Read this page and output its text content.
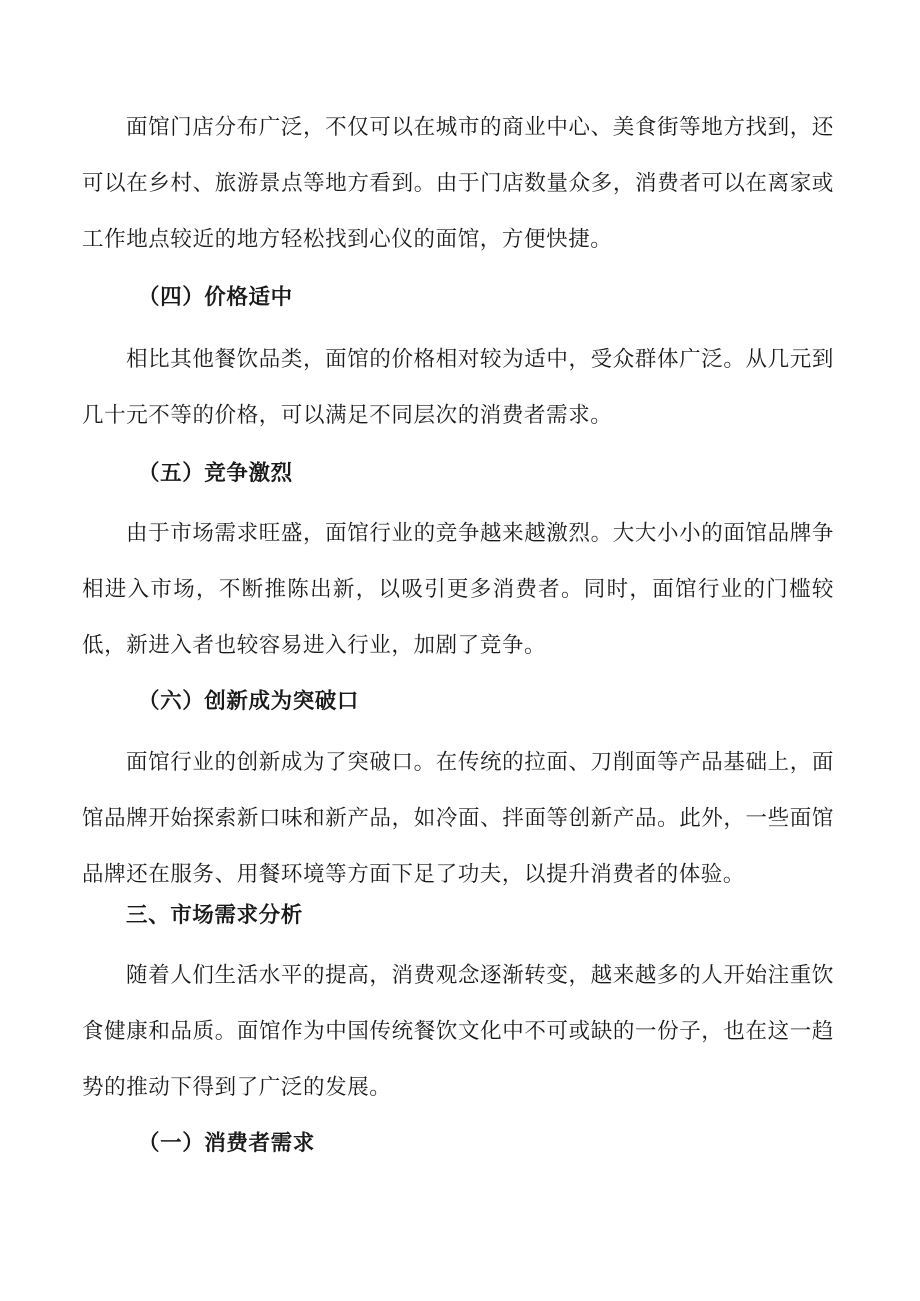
面馆门店分布广泛，不仅可以在城市的商业中心、美食街等地方找到，还可以在乡村、旅游景点等地方看到。由于门店数量众多，消费者可以在离家或工作地点较近的地方轻松找到心仪的面馆，方便快捷。

（四）价格适中

相比其他餐饮品类，面馆的价格相对较为适中，受众群体广泛。从几元到几十元不等的价格，可以满足不同层次的消费者需求。

（五）竞争激烈

由于市场需求旺盛，面馆行业的竞争越来越激烈。大大小小的面馆品牌争相进入市场，不断推陈出新，以吸引更多消费者。同时，面馆行业的门槛较低，新进入者也较容易进入行业，加剧了竞争。

（六）创新成为突破口

面馆行业的创新成为了突破口。在传统的拉面、刀削面等产品基础上，面馆品牌开始探索新口味和新产品，如冷面、拌面等创新产品。此外，一些面馆品牌还在服务、用餐环境等方面下足了功夫，以提升消费者的体验。

三、市场需求分析

随着人们生活水平的提高，消费观念逐渐转变，越来越多的人开始注重饮食健康和品质。面馆作为中国传统餐饮文化中不可或缺的一份子，也在这一趋势的推动下得到了广泛的发展。

（一）消费者需求
